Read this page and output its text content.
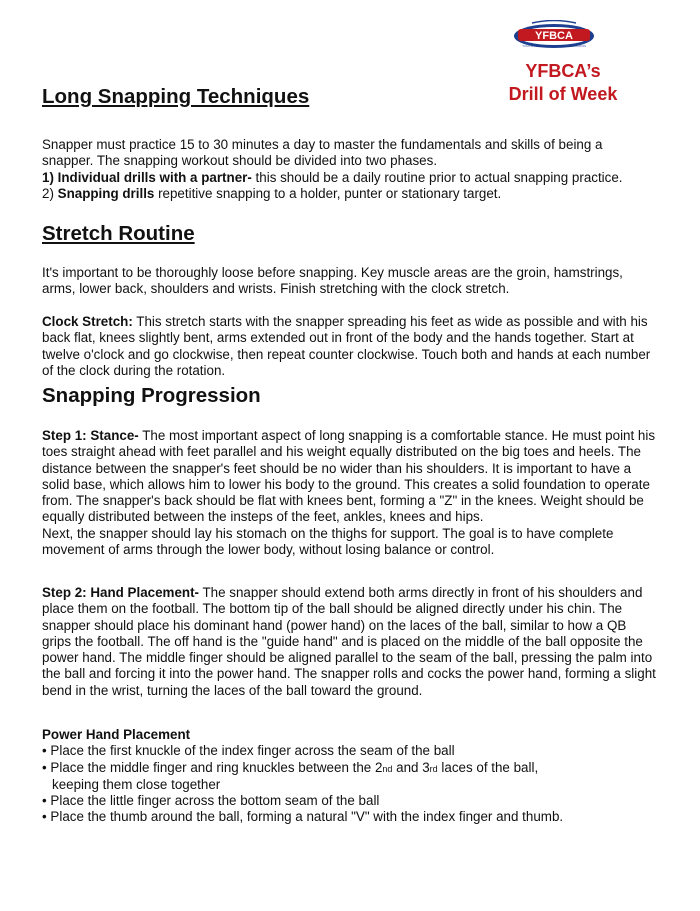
YFBCA
YOUTH FOOTBALL COACHES ASSOCIATION
YFBCA’s
Drill of Week
Long Snapping Techniques

Snapper must practice 15 to 30 minutes a day to master the fundamentals and skills of being a snapper. The snapping workout should be divided into two phases.

1) Individual drills with a partner- this should be a daily routine prior to actual snapping practice.

2) Snapping drills repetitive snapping to a holder, punter or stationary target.

Stretch Routine

It's important to be thoroughly loose before snapping. Key muscle areas are the groin, hamstrings, arms, lower back, shoulders and wrists. Finish stretching with the clock stretch.

Clock Stretch: This stretch starts with the snapper spreading his feet as wide as possible and with his back flat, knees slightly bent, arms extended out in front of the body and the hands together. Start at twelve o'clock and go clockwise, then repeat counter clockwise. Touch both and hands at each number of the clock during the rotation.

Snapping Progression

Step 1: Stance- The most important aspect of long snapping is a comfortable stance. He must point his toes straight ahead with feet parallel and his weight equally distributed on the big toes and heels. The distance between the snapper's feet should be no wider than his shoulders. It is important to have a solid base, which allows him to lower his body to the ground. This creates a solid foundation to operate from. The snapper's back should be flat with knees bent, forming a "Z" in the knees. Weight should be equally distributed between the insteps of the feet, ankles, knees and hips.

Next, the snapper should lay his stomach on the thighs for support. The goal is to have complete movement of arms through the lower body, without losing balance or control.

Step 2: Hand Placement- The snapper should extend both arms directly in front of his shoulders and place them on the football. The bottom tip of the ball should be aligned directly under his chin. The snapper should place his dominant hand (power hand) on the laces of the ball, similar to how a QB grips the football. The off hand is the "guide hand" and is placed on the middle of the ball opposite the power hand. The middle finger should be aligned parallel to the seam of the ball, pressing the palm into the ball and forcing it into the power hand. The snapper rolls and cocks the power hand, forming a slight bend in the wrist, turning the laces of the ball toward the ground.

Power Hand Placement

• Place the first knuckle of the index finger across the seam of the ball
• Place the middle finger and ring knuckles between the 2nd and 3rd laces of the ball,
keeping them close together
• Place the little finger across the bottom seam of the ball
• Place the thumb around the ball, forming a natural "V" with the index finger and thumb.
